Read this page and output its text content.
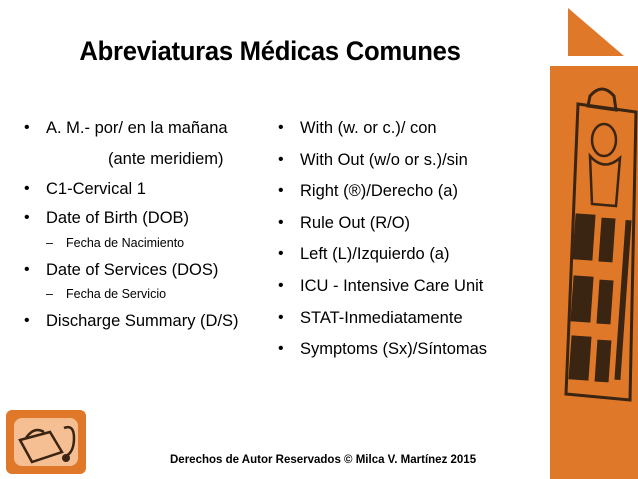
Abreviaturas Médicas Comunes
• A. M.- por/ en la mañana
(ante meridiem)
• C1-Cervical 1
• Date of Birth (DOB)
– Fecha de Nacimiento
• Date of Services (DOS)
– Fecha de Servicio
• Discharge Summary (D/S)
• With (w. or c.)/ con
• With Out (w/o or s.)/sin
• Right (®)/Derecho (a)
• Rule Out (R/O)
• Left (L)/Izquierdo (a)
• ICU - Intensive Care Unit
• STAT-Inmediatamente
• Symptoms (Sx)/Síntomas
Derechos de Autor Reservados © Milca V. Martínez 2015
